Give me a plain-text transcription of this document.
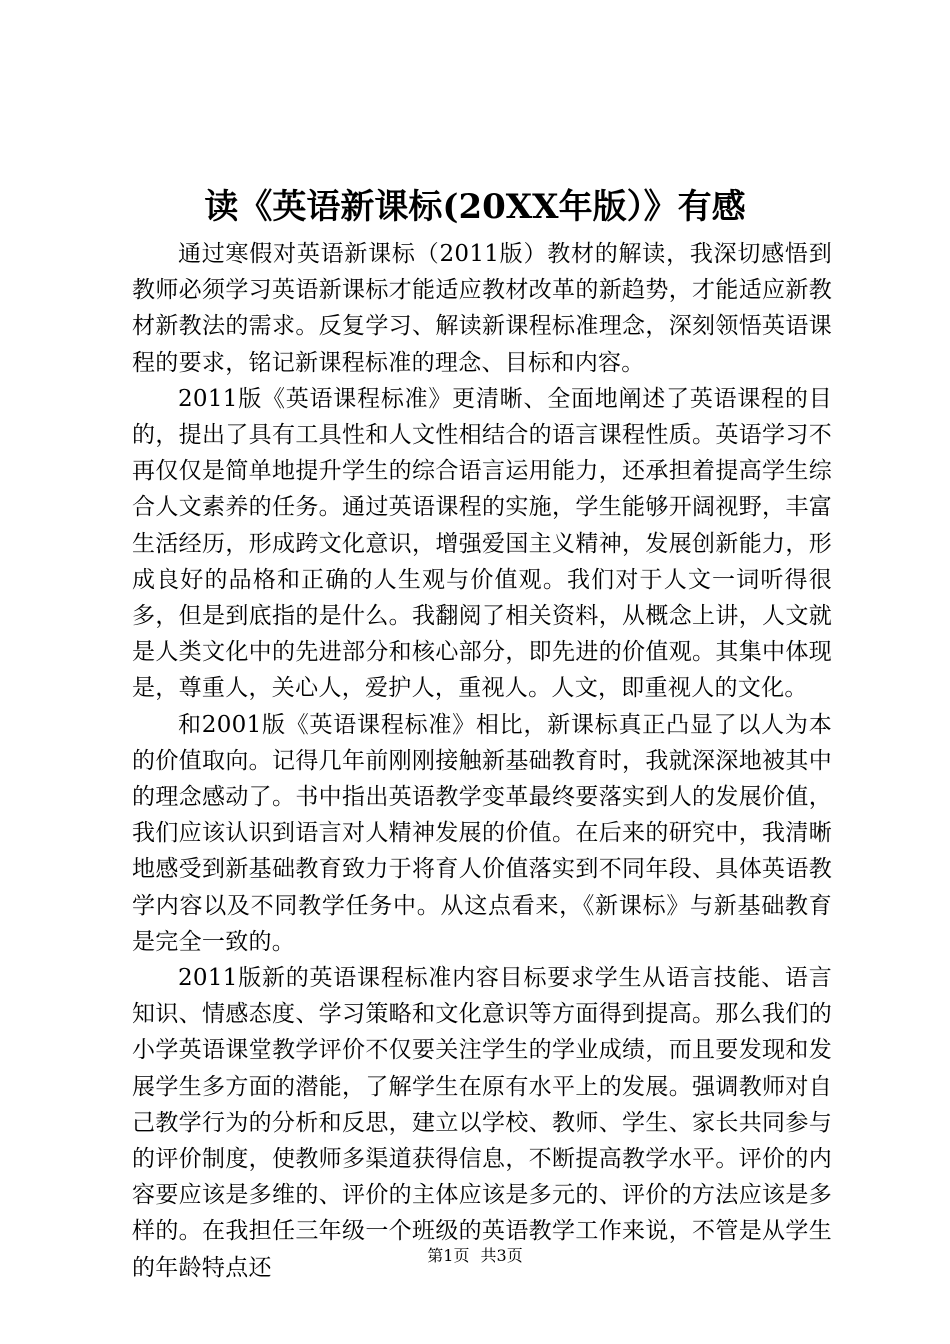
读《英语新课标(20XX年版）》有感

通过寒假对英语新课标（2011版）教材的解读，我深切感悟到教师必须学习英语新课标才能适应教材改革的新趋势，才能适应新教材新教法的需求。反复学习、解读新课程标准理念，深刻领悟英语课程的要求，铭记新课程标准的理念、目标和内容。

2011版《英语课程标准》更清晰、全面地阐述了英语课程的目的，提出了具有工具性和人文性相结合的语言课程性质。英语学习不再仅仅是简单地提升学生的综合语言运用能力，还承担着提高学生综合人文素养的任务。通过英语课程的实施，学生能够开阔视野，丰富生活经历，形成跨文化意识，增强爱国主义精神，发展创新能力，形成良好的品格和正确的人生观与价值观。我们对于人文一词听得很多，但是到底指的是什么。我翻阅了相关资料，从概念上讲，人文就是人类文化中的先进部分和核心部分，即先进的价值观。其集中体现是，尊重人，关心人，爱护人，重视人。人文，即重视人的文化。

和2001版《英语课程标准》相比，新课标真正凸显了以人为本的价值取向。记得几年前刚刚接触新基础教育时，我就深深地被其中的理念感动了。书中指出英语教学变革最终要落实到人的发展价值，我们应该认识到语言对人精神发展的价值。在后来的研究中，我清晰地感受到新基础教育致力于将育人价值落实到不同年段、具体英语教学内容以及不同教学任务中。从这点看来，《新课标》与新基础教育是完全一致的。

2011版新的英语课程标准内容目标要求学生从语言技能、语言知识、情感态度、学习策略和文化意识等方面得到提高。那么我们的小学英语课堂教学评价不仅要关注学生的学业成绩，而且要发现和发展学生多方面的潜能，了解学生在原有水平上的发展。强调教师对自己教学行为的分析和反思，建立以学校、教师、学生、家长共同参与的评价制度，使教师多渠道获得信息，不断提高教学水平。评价的内容要应该是多维的、评价的主体应该是多元的、评价的方法应该是多样的。在我担任三年级一个班级的英语教学工作来说，不管是从学生的年龄特点还	第1页 共3页
